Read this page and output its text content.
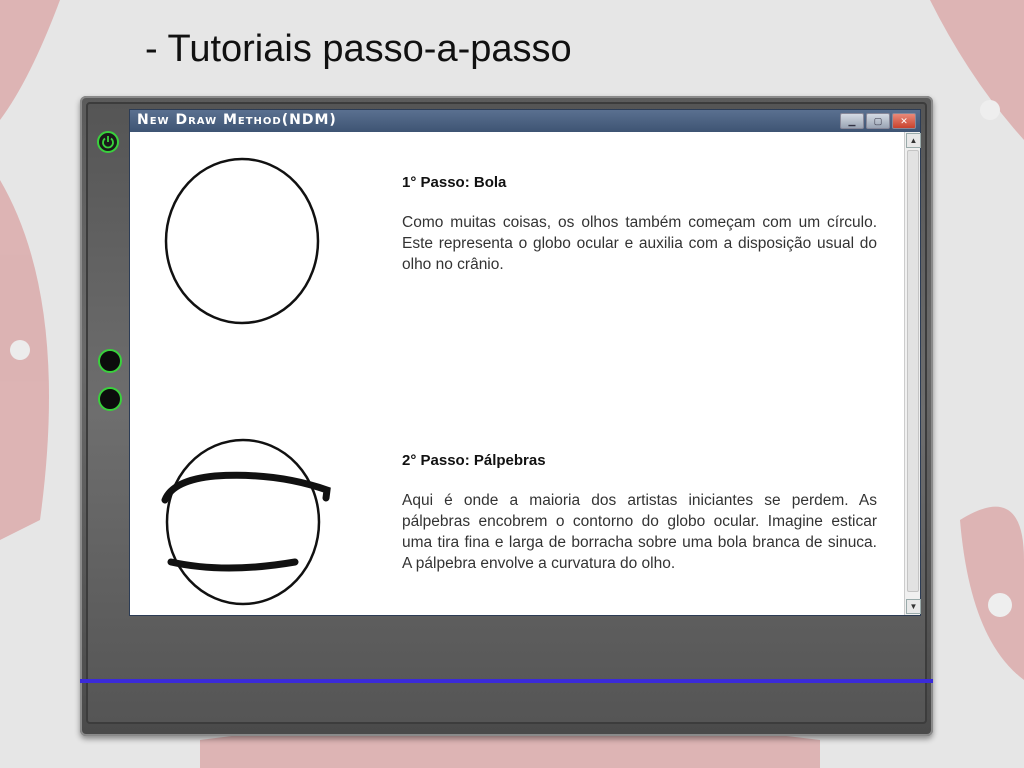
- Tutoriais passo-a-passo
New Draw Method(NDM)	▁ ▢ ✕
1° Passo: Bola
Como muitas coisas, os olhos também começam com um círculo. Este representa o globo ocular e auxilia com a disposição usual do olho no crânio.
2° Passo: Pálpebras
Aqui é onde a maioria dos artistas iniciantes se perdem. As pálpebras encobrem o contorno do globo ocular. Imagine esticar uma tira fina e larga de borracha sobre uma bola branca de sinuca. A pálpebra envolve a curvatura do olho.
▲
▼
